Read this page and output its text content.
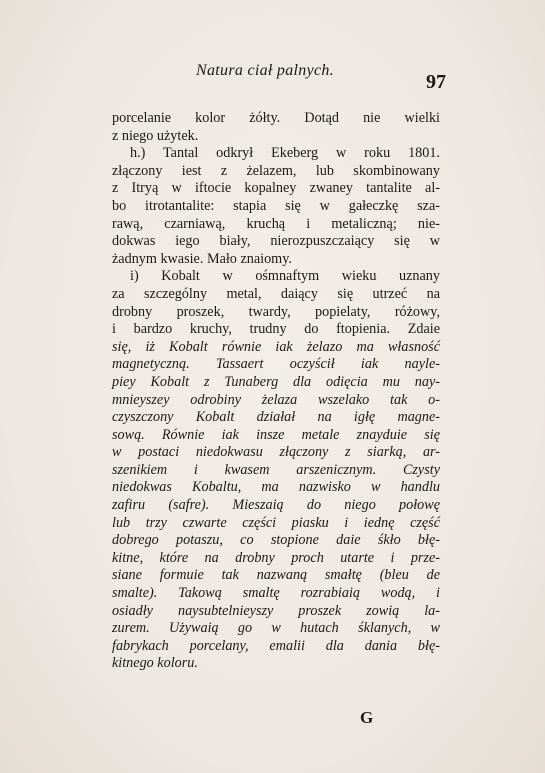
Natura ciał palnych.
97
porcelanie kolor żółty. Dotąd nie wielki
z niego użytek.
h.) Tantal odkrył Ekeberg w roku 1801.
złączony iest z żelazem, lub skombinowany
z Itryą w iftocie kopalney zwaney tantalite al-
bo itrotantalite: stapia się w gałeczkę sza-
rawą, czarniawą, kruchą i metaliczną; nie-
dokwas iego biały, nierozpuszczaiący się w
żadnym kwasie. Mało znaiomy.
i) Kobalt w ośmnaftym wieku uznany
za szczególny metal, daiący się utrzeć na
drobny proszek, twardy, popielaty, różowy,
i bardzo kruchy, trudny do ftopienia. Zdaie
się, iż Kobalt równie iak żelazo ma własność
magnetyczną. Tassaert oczyścił iak nayle-
piey Kobalt z Tunaberg dla odięcia mu nay-
mnieyszey odrobiny żelaza wszelako tak o-
czyszczony Kobalt działał na igłę magne-
sową. Równie iak insze metale znayduie się
w postaci niedokwasu złączony z siarką, ar-
szenikiem i kwasem arszenicznym. Czysty
niedokwas Kobaltu, ma nazwisko w handlu
zafiru (safre). Mieszaią do niego połowę
lub trzy czwarte części piasku i iednę część
dobrego potaszu, co stopione daie śkło błę-
kitne, które na drobny proch utarte i prze-
siane formuie tak nazwaną smałtę (bleu de
smalte). Takową smaltę rozrabiaią wodą, i
osiadły naysubtelnieyszy proszek zowią la-
zurem. Używaią go w hutach śklanych, w
fabrykach porcelany, emalii dla dania błę-
kitnego koloru.
G
